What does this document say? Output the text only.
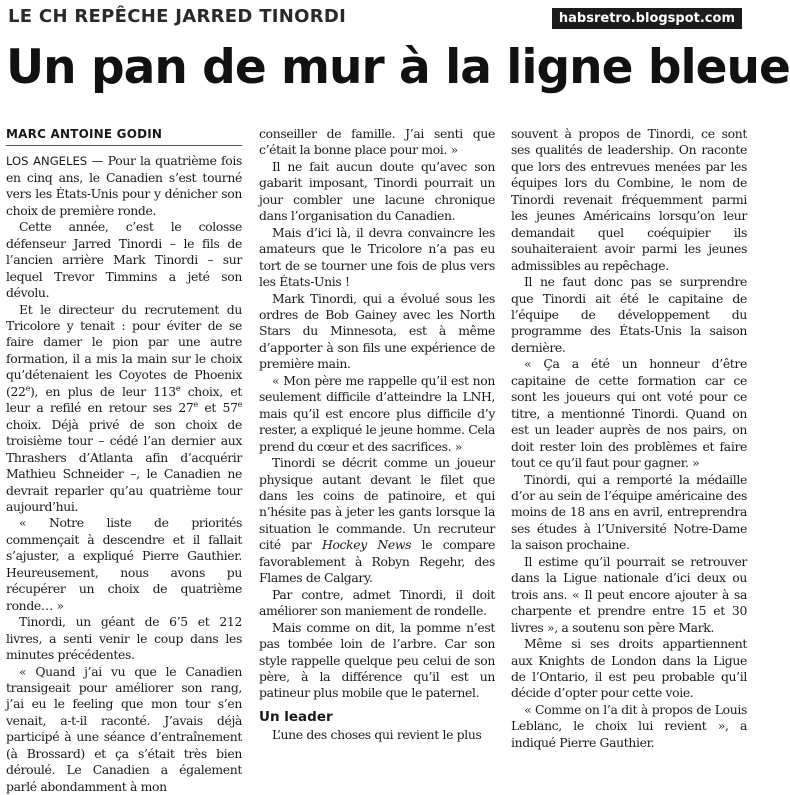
LE CH REPÊCHE JARRED TINORDI	habsretro.blogspot.com
Un pan de mur à la ligne bleue
MARC ANTOINE GODIN

LOS ANGELES — Pour la quatrième fois en cinq ans, le Canadien s’est tourné vers les États-Unis pour y dénicher son choix de première ronde.

Cette année, c’est le colosse défenseur Jarred Tinordi – le fils de l’ancien arrière Mark Tinordi – sur lequel Trevor Timmins a jeté son dévolu.

Et le directeur du recrutement du Tricolore y tenait : pour éviter de se faire damer le pion par une autre formation, il a mis la main sur le choix qu’détenaient les Coyotes de Phoenix (22e), en plus de leur 113e choix, et leur a refilé en retour ses 27e et 57e choix. Déjà privé de son choix de troisième tour – cédé l’an dernier aux Thrashers d’Atlanta afin d’acquérir Mathieu Schneider –, le Canadien ne devrait reparler qu’au quatrième tour aujourd’hui.

« Notre liste de priorités commençait à descendre et il fallait s’ajuster, a expliqué Pierre Gauthier. Heureusement, nous avons pu récupérer un choix de quatrième ronde… »

Tinordi, un géant de 6’5 et 212 livres, a senti venir le coup dans les minutes précédentes.

« Quand j’ai vu que le Canadien transigeait pour améliorer son rang, j’ai eu le feeling que mon tour s’en venait, a-t-il raconté. J’avais déjà participé à une séance d’entraînement (à Brossard) et ça s’était très bien déroulé. Le Canadien a également parlé abondamment à mon

conseiller de famille. J’ai senti que c’était la bonne place pour moi. »

Il ne fait aucun doute qu’avec son gabarit imposant, Tinordi pourrait un jour combler une lacune chronique dans l’organisation du Canadien.

Mais d’ici là, il devra convaincre les amateurs que le Tricolore n’a pas eu tort de se tourner une fois de plus vers les États-Unis !

Mark Tinordi, qui a évolué sous les ordres de Bob Gainey avec les North Stars du Minnesota, est à même d’apporter à son fils une expérience de première main.

« Mon père me rappelle qu’il est non seulement difficile d’atteindre la LNH, mais qu’il est encore plus difficile d’y rester, a expliqué le jeune homme. Cela prend du cœur et des sacrifices. »

Tinordi se décrit comme un joueur physique autant devant le filet que dans les coins de patinoire, et qui n’hésite pas à jeter les gants lorsque la situation le commande. Un recruteur cité par Hockey News le compare favorablement à Robyn Regehr, des Flames de Calgary.

Par contre, admet Tinordi, il doit améliorer son maniement de rondelle.

Mais comme on dit, la pomme n’est pas tombée loin de l’arbre. Car son style rappelle quelque peu celui de son père, à la différence qu’il est un patineur plus mobile que le paternel.

Un leader

L’une des choses qui revient le plus

souvent à propos de Tinordi, ce sont ses qualités de leadership. On raconte que lors des entrevues menées par les équipes lors du Combine, le nom de Tinordi revenait fréquemment parmi les jeunes Américains lorsqu’on leur demandait quel coéquipier ils souhaiteraient avoir parmi les jeunes admissibles au repêchage.

Il ne faut donc pas se surprendre que Tinordi ait été le capitaine de l’équipe de développement du programme des États-Unis la saison dernière.

« Ça a été un honneur d’être capitaine de cette formation car ce sont les joueurs qui ont voté pour ce titre, a mentionné Tinordi. Quand on est un leader auprès de nos pairs, on doit rester loin des problèmes et faire tout ce qu’il faut pour gagner. »

Tinordi, qui a remporté la médaille d’or au sein de l’équipe américaine des moins de 18 ans en avril, entreprendra ses études à l’Université Notre-Dame la saison prochaine.

Il estime qu’il pourrait se retrouver dans la Ligue nationale d’ici deux ou trois ans. « Il peut encore ajouter à sa charpente et prendre entre 15 et 30 livres », a soutenu son père Mark.

Même si ses droits appartiennent aux Knights de London dans la Ligue de l’Ontario, il est peu probable qu’il décide d’opter pour cette voie.

« Comme on l’a dit à propos de Louis Leblanc, le choix lui revient », a indiqué Pierre Gauthier.
